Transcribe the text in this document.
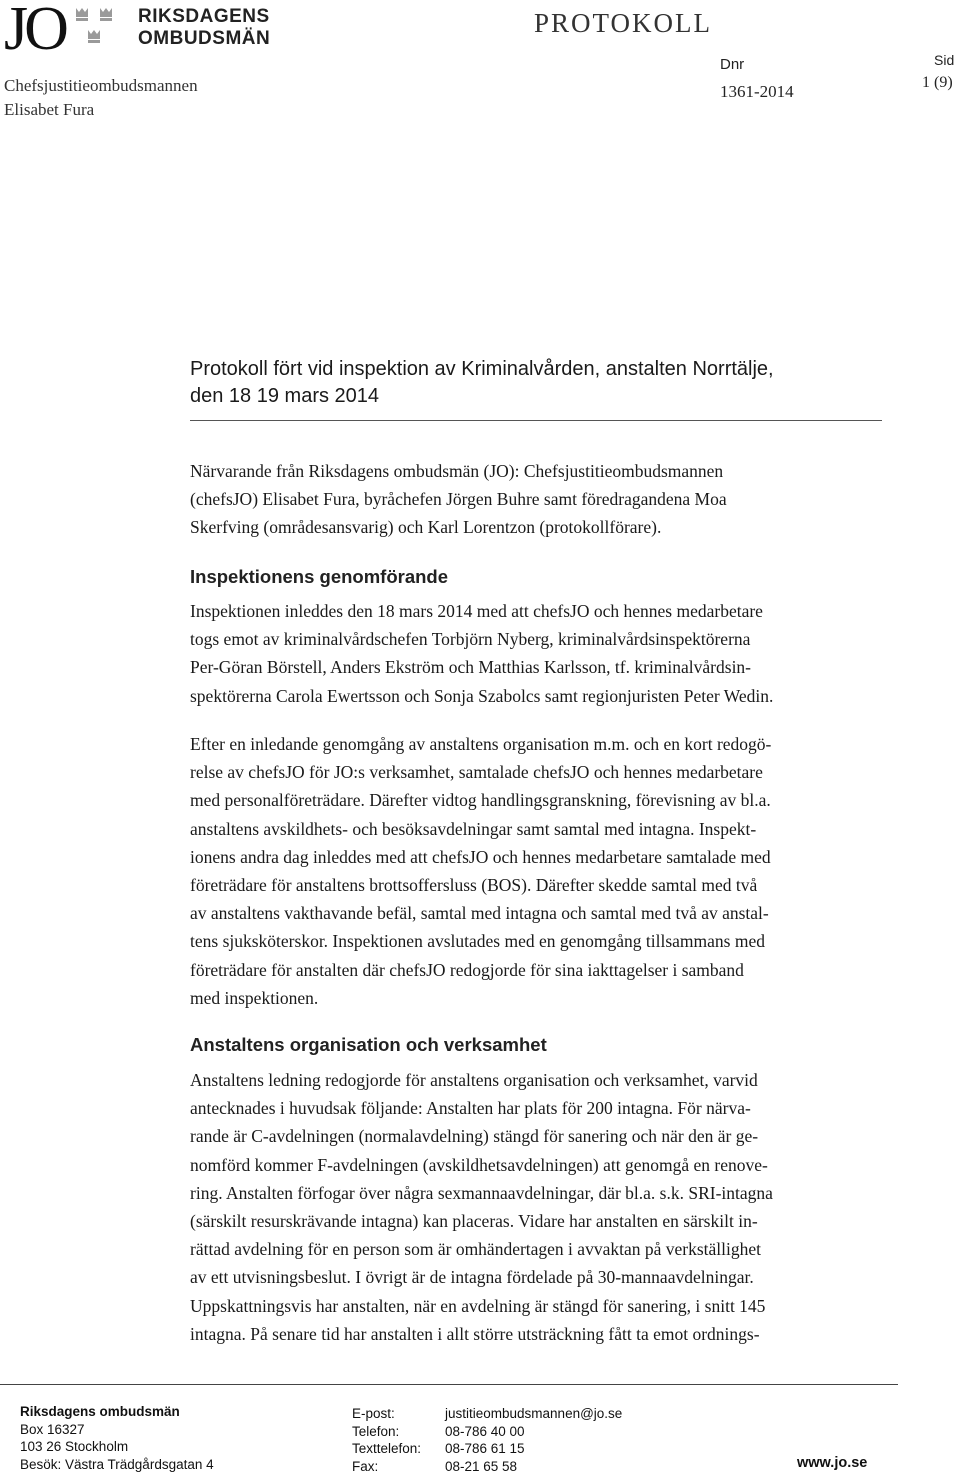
JO	RIKSDAGENS
OMBUDSMÄN
PROTOKOLL
Chefsjustitieombudsmannen
Elisabet Fura
Dnr
1361-2014
Sid
1 (9)
Protokoll fört vid inspektion av Kriminalvården, anstalten Norrtälje,
den 18 19 mars 2014

Närvarande från Riksdagens ombudsmän (JO): Chefsjustitieombudsmannen

(chefsJO) Elisabet Fura, byråchefen Jörgen Buhre samt föredragandena Moa

Skerfving (områdesansvarig) och Karl Lorentzon (protokollförare).

Inspektionens genomförande

Inspektionen inleddes den 18 mars 2014 med att chefsJO och hennes medarbetare

togs emot av kriminalvårdschefen Torbjörn Nyberg, kriminalvårdsinspektörerna

Per-Göran Börstell, Anders Ekström och Matthias Karlsson, tf. kriminalvårdsin-

spektörerna Carola Ewertsson och Sonja Szabolcs samt regionjuristen Peter Wedin.

Efter en inledande genomgång av anstaltens organisation m.m. och en kort redogö-

relse av chefsJO för JO:s verksamhet, samtalade chefsJO och hennes medarbetare

med personalföreträdare. Därefter vidtog handlingsgranskning, förevisning av bl.a.

anstaltens avskildhets- och besöksavdelningar samt samtal med intagna. Inspekt-

ionens andra dag inleddes med att chefsJO och hennes medarbetare samtalade med

företrädare för anstaltens brottsoffersluss (BOS). Därefter skedde samtal med två

av anstaltens vakthavande befäl, samtal med intagna och samtal med två av anstal-

tens sjuksköterskor. Inspektionen avslutades med en genomgång tillsammans med

företrädare för anstalten där chefsJO redogjorde för sina iakttagelser i samband

med inspektionen.

Anstaltens organisation och verksamhet

Anstaltens ledning redogjorde för anstaltens organisation och verksamhet, varvid

antecknades i huvudsak följande: Anstalten har plats för 200 intagna. För närva-

rande är C-avdelningen (normalavdelning) stängd för sanering och när den är ge-

nomförd kommer F-avdelningen (avskildhetsavdelningen) att genomgå en renove-

ring. Anstalten förfogar över några sexmannaavdelningar, där bl.a. s.k. SRI-intagna

(särskilt resurskrävande intagna) kan placeras. Vidare har anstalten en särskilt in-

rättad avdelning för en person som är omhändertagen i avvaktan på verkställighet

av ett utvisningsbeslut. I övrigt är de intagna fördelade på 30-mannaavdelningar.

Uppskattningsvis har anstalten, när en avdelning är stängd för sanering, i snitt 145

intagna. På senare tid har anstalten i allt större utsträckning fått ta emot ordnings-

Riksdagens ombudsmän
Box 16327
103 26 Stockholm
Besök: Västra Trädgårdsgatan 4
E-post:
Telefon:
Texttelefon:
Fax:
justitieombudsmannen@jo.se
08-786 40 00
08-786 61 15
08-21 65 58	www.jo.se
